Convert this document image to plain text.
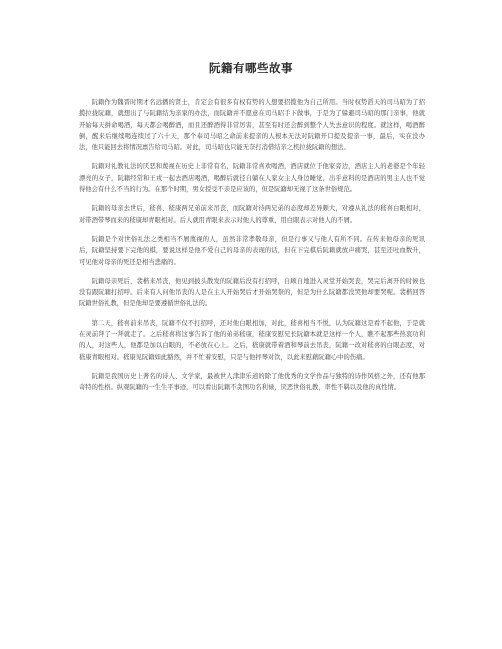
阮籍有哪些故事

阮籍作为魏晋时期才名远播的贤士，肯定会有很多有权有势的人想要招揽他为自己所用。当时权势滔天的司马昭为了招揽拉拢阮籍，就想出了与阮籍结为亲家的办法，而阮籍并不愿意在司马昭手下做事，于是为了躲避司马昭的那门亲事，他就开始每天拼命喝酒，每天都会喝醉酒，而且还醉酒得非常厉害，甚至有时还会醉到整个人失去意识的程度。就这样，喝酒醉倒，醒来后继续喝连续过了六十天，那个奉司马昭之命前来提亲的人根本无法对阮籍开口提及提亲一事，最后，实在没办法，他只能回去将情况禀告给司马昭。对此，司马昭也只能无奈打消借结亲之机拉拢阮籍的想法。

阮籍对礼教礼法的厌恶和蔑视在历史上非常有名，阮籍非常喜欢喝酒，酒店就位于他家旁边，酒店主人的老婆是个年轻漂亮的女子，阮籍经常和王戎一起去酒店喝酒，喝醉后就径自躺在人家女主人身边睡觉，出乎意料的是酒店的男主人也不觉得他会有什么不当的行为。在那个时期，男女授受不亲是应该的，但是阮籍却无视了这条世俗规范。

阮籍的母亲去世后，嵇喜、嵇康两兄弟前来吊丧，而阮籍对待两兄弟的态度却差异颇大，对遵从礼法的嵇喜白眼相对，对带酒带琴而来的嵇康却青眼相对。后人就用青眼来表示对他人的尊重，用白眼表示对他人的不屑。

阮籍是个对世俗礼法之类相当不屑蔑视的人，虽然非常孝敬母亲，但是行事又与他人有所不同。在传来他母亲的死讯后，阮籍坚持要下完他的棋，要说这样是他不爱自己的母亲的表现的话，但在下完棋后阮籍就放声痛哭，甚至还吐血数升，可见他对母亲的死还是相当悲痛的。

阮籍母亲死后，裴楷来吊丧，他见到披头散发的阮籍后没有打招呼，自顾自地进入灵堂开始哭丧，哭完后离开的时候也没有跟阮籍打招呼。后来有人问他吊丧的人是在主人开始哭后才开始哭祭的，但是为什么阮籍都没哭他却要哭呢。裴楷回答阮籍世俗礼教，但是他却是要遵循世俗礼法的。

第二天，嵇喜前来吊丧，阮籍不仅不打招呼，还对他白眼相加，对此，嵇喜相当不悦，认为阮籍这是看不起他，于是就在灵前拜了一拜就走了。之后嵇喜将这事告诉了他的弟弟嵇康，嵇康安慰兄长阮籍本就是这样一个人，瞧不起那些热衷功利的人，对这些人，他都是加以白眼的，不必放在心上。之后，嵇康就带着酒和琴前去吊丧，阮籍一改对嵇喜的白眼态度，对嵇康青眼相对。嵇康见阮籍如此豁然，并不忙着安慰，只是与他抨琴对饮，以此来慰藉阮籍心中的伤痛。

阮籍是我国历史上著名的诗人、文学家，最被世人津津乐道的除了他优秀的文学作品与独特的诗作风格之外，还有他那奇特的性格。纵观阮籍的一生生平事迹，可以看出阮籍不贪图功名利禄，厌恶世俗礼教，率性不羁以及他的真性情。
